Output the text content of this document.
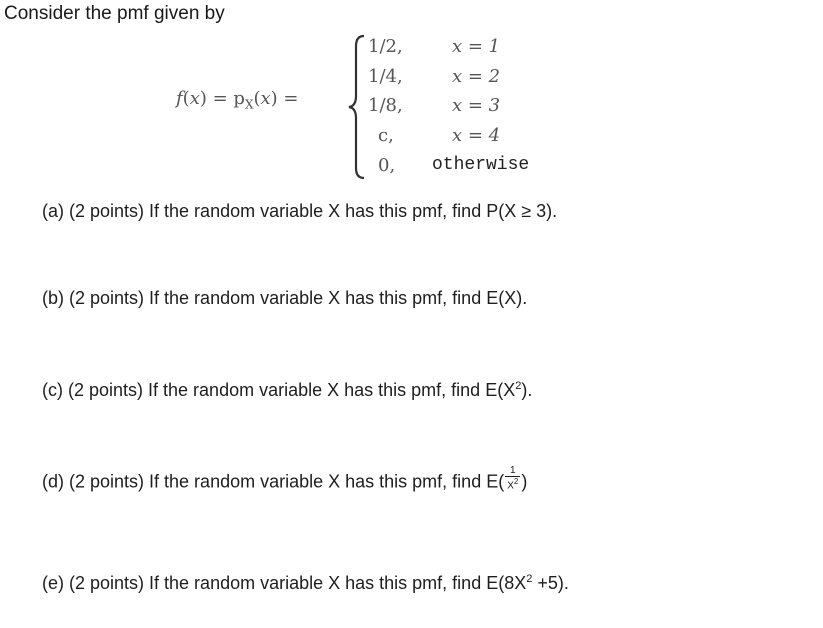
Consider the pmf given by
$f(x) = p_X(x)$ =
1/2,	x = 1
1/4,	x = 2
1/8,	x = 3
c,	x = 4
0,	otherwise
(a) (2 points) If the random variable X has this pmf, find P(X ≥ 3).
(b) (2 points) If the random variable X has this pmf, find E(X).
(c) (2 points) If the random variable X has this pmf, find $E(X^2)$.
(d) (2 points) If the random variable X has this pmf, find $E( \frac{1}{X^2}$ )
(e) (2 points) If the random variable X has this pmf, find $E(8X^2 +5)$.
